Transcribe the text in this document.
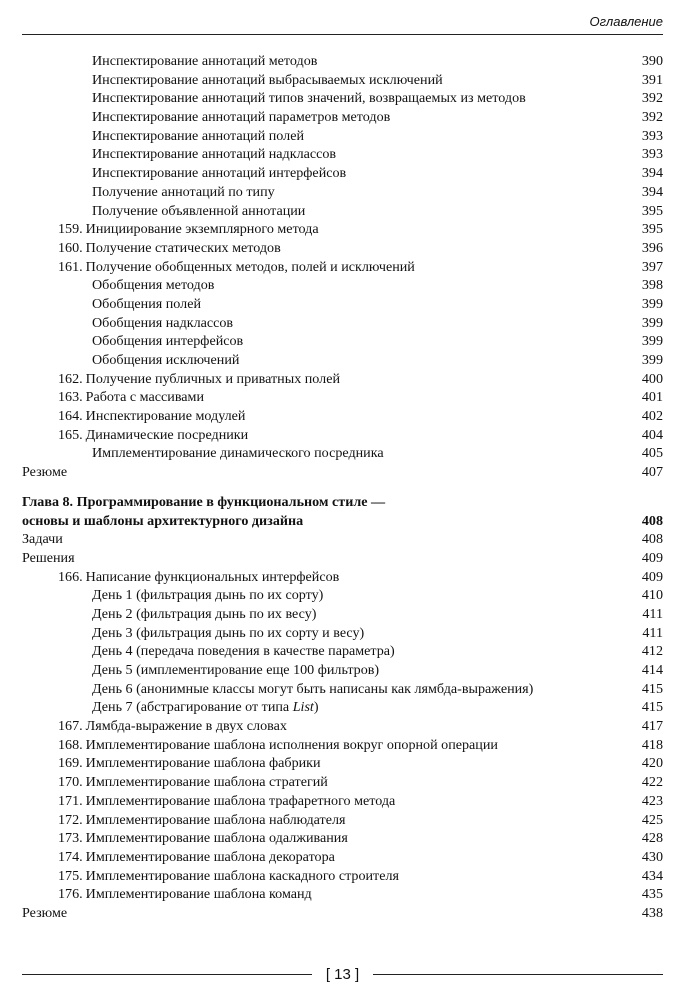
Оглавление
Инспектирование аннотаций методов	390
Инспектирование аннотаций выбрасываемых исключений	391
Инспектирование аннотаций типов значений, возвращаемых из методов	392
Инспектирование аннотаций параметров методов	392
Инспектирование аннотаций полей	393
Инспектирование аннотаций надклассов	393
Инспектирование аннотаций интерфейсов	394
Получение аннотаций по типу	394
Получение объявленной аннотации	395
159. Инициирование экземплярного метода	395
160. Получение статических методов	396
161. Получение обобщенных методов, полей и исключений	397
Обобщения методов	398
Обобщения полей	399
Обобщения надклассов	399
Обобщения интерфейсов	399
Обобщения исключений	399
162. Получение публичных и приватных полей	400
163. Работа с массивами	401
164. Инспектирование модулей	402
165. Динамические посредники	404
Имплементирование динамического посредника	405
Резюме	407
Глава 8. Программирование в функциональном стиле —
основы и шаблоны архитектурного дизайна	408
Задачи	408
Решения	409
166. Написание функциональных интерфейсов	409
День 1 (фильтрация дынь по их сорту)	410
День 2 (фильтрация дынь по их весу)	411
День 3 (фильтрация дынь по их сорту и весу)	411
День 4 (передача поведения в качестве параметра)	412
День 5 (имплементирование еще 100 фильтров)	414
День 6 (анонимные классы могут быть написаны как лямбда-выражения)	415
День 7 (абстрагирование от типа List)	415
167. Лямбда-выражение в двух словах	417
168. Имплементирование шаблона исполнения вокруг опорной операции	418
169. Имплементирование шаблона фабрики	420
170. Имплементирование шаблона стратегий	422
171. Имплементирование шаблона трафаретного метода	423
172. Имплементирование шаблона наблюдателя	425
173. Имплементирование шаблона одалживания	428
174. Имплементирование шаблона декоратора	430
175. Имплементирование шаблона каскадного строителя	434
176. Имплементирование шаблона команд	435
Резюме	438
[ 13 ]
